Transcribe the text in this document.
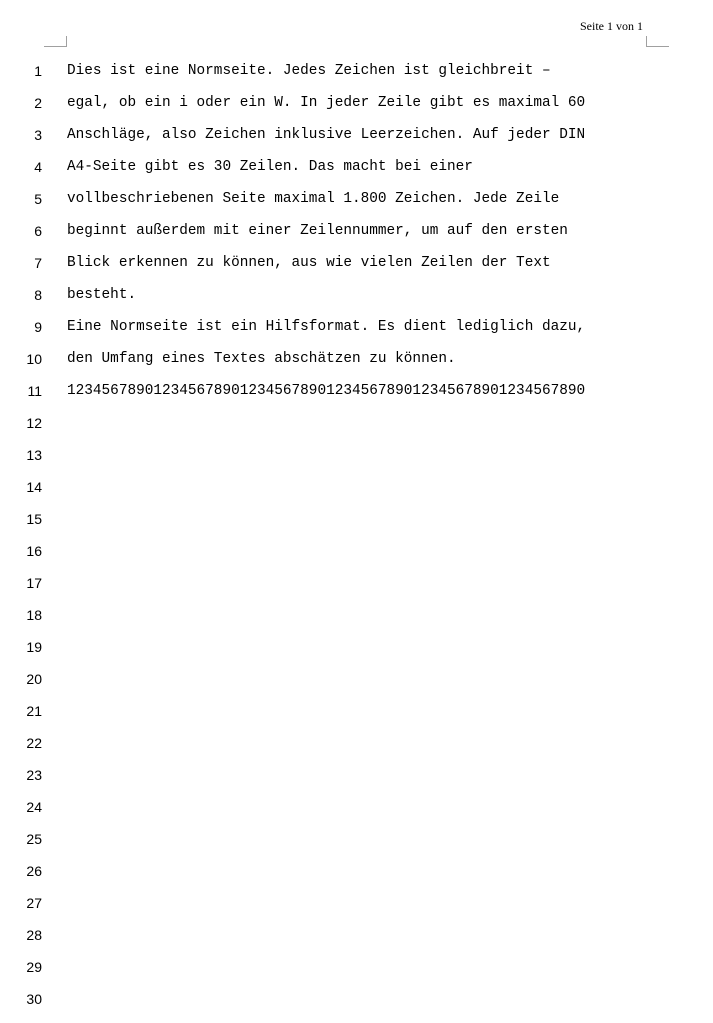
Seite 1 von 1
1 Dies ist eine Normseite. Jedes Zeichen ist gleichbreit –
2 egal, ob ein i oder ein W. In jeder Zeile gibt es maximal 60
3 Anschläge, also Zeichen inklusive Leerzeichen. Auf jeder DIN
4 A4-Seite gibt es 30 Zeilen. Das macht bei einer
5 vollbeschriebenen Seite maximal 1.800 Zeichen. Jede Zeile
6 beginnt außerdem mit einer Zeilennummer, um auf den ersten
7 Blick erkennen zu können, aus wie vielen Zeilen der Text
8 besteht.
9 Eine Normseite ist ein Hilfsformat. Es dient lediglich dazu,
10 den Umfang eines Textes abschätzen zu können.
11 123456789012345678901234567890123456789012345678901234567890
12
13
14
15
16
17
18
19
20
21
22
23
24
25
26
27
28
29
30
